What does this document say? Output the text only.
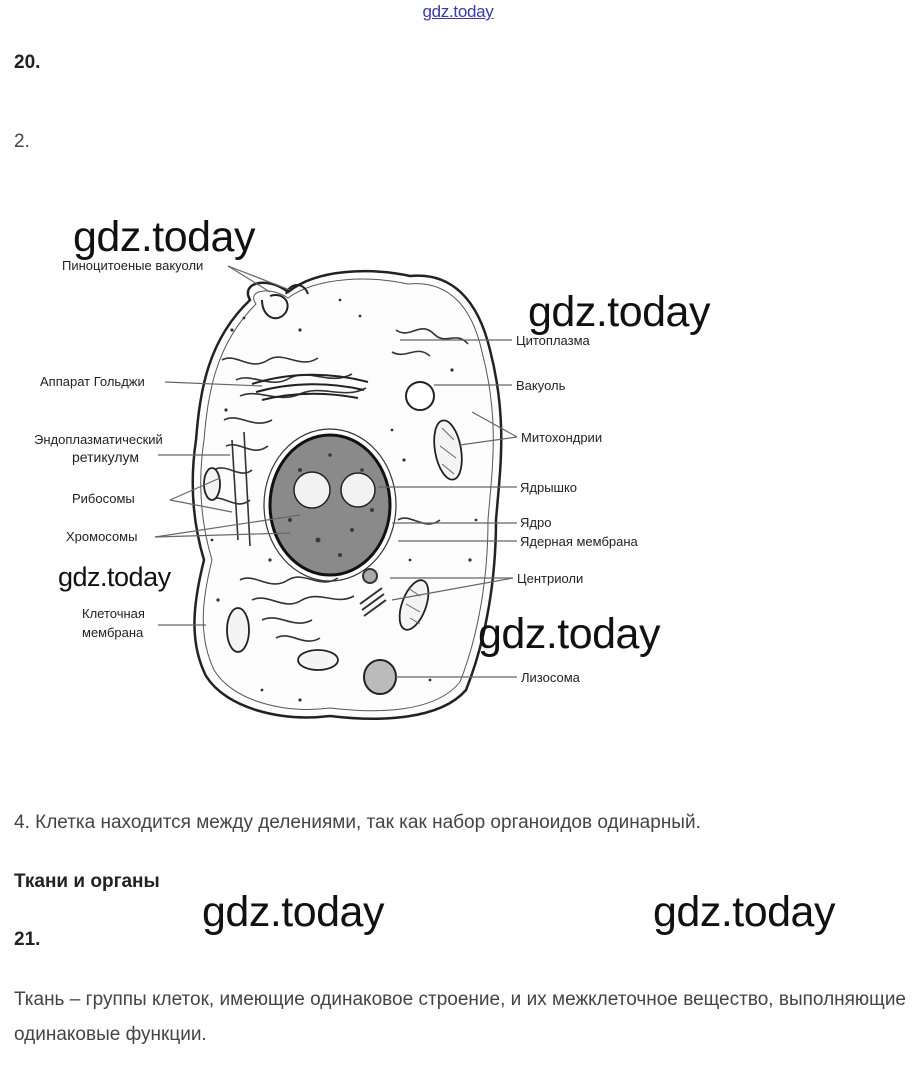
gdz.today
20.
2.
Пиноцитоеные вакуоли
Аппарат Гольджи
Эндоплазматический
ретикулум
Рибосомы
Хромосомы
Клеточная
мембрана
Цитоплазма
Вакуоль
Митохондрии
Ядрышко
Ядро
Ядерная мембрана
Центриоли
Лизосома
gdz.today
gdz.today
gdz.today
gdz.today
gdz.today	gdz.today
4. Клетка находится между делениями, так как набор органоидов одинарный.
Ткани и органы
21.
Ткань – группы клеток, имеющие одинаковое строение, и их межклеточное вещество, выполняющие одинаковые функции.
